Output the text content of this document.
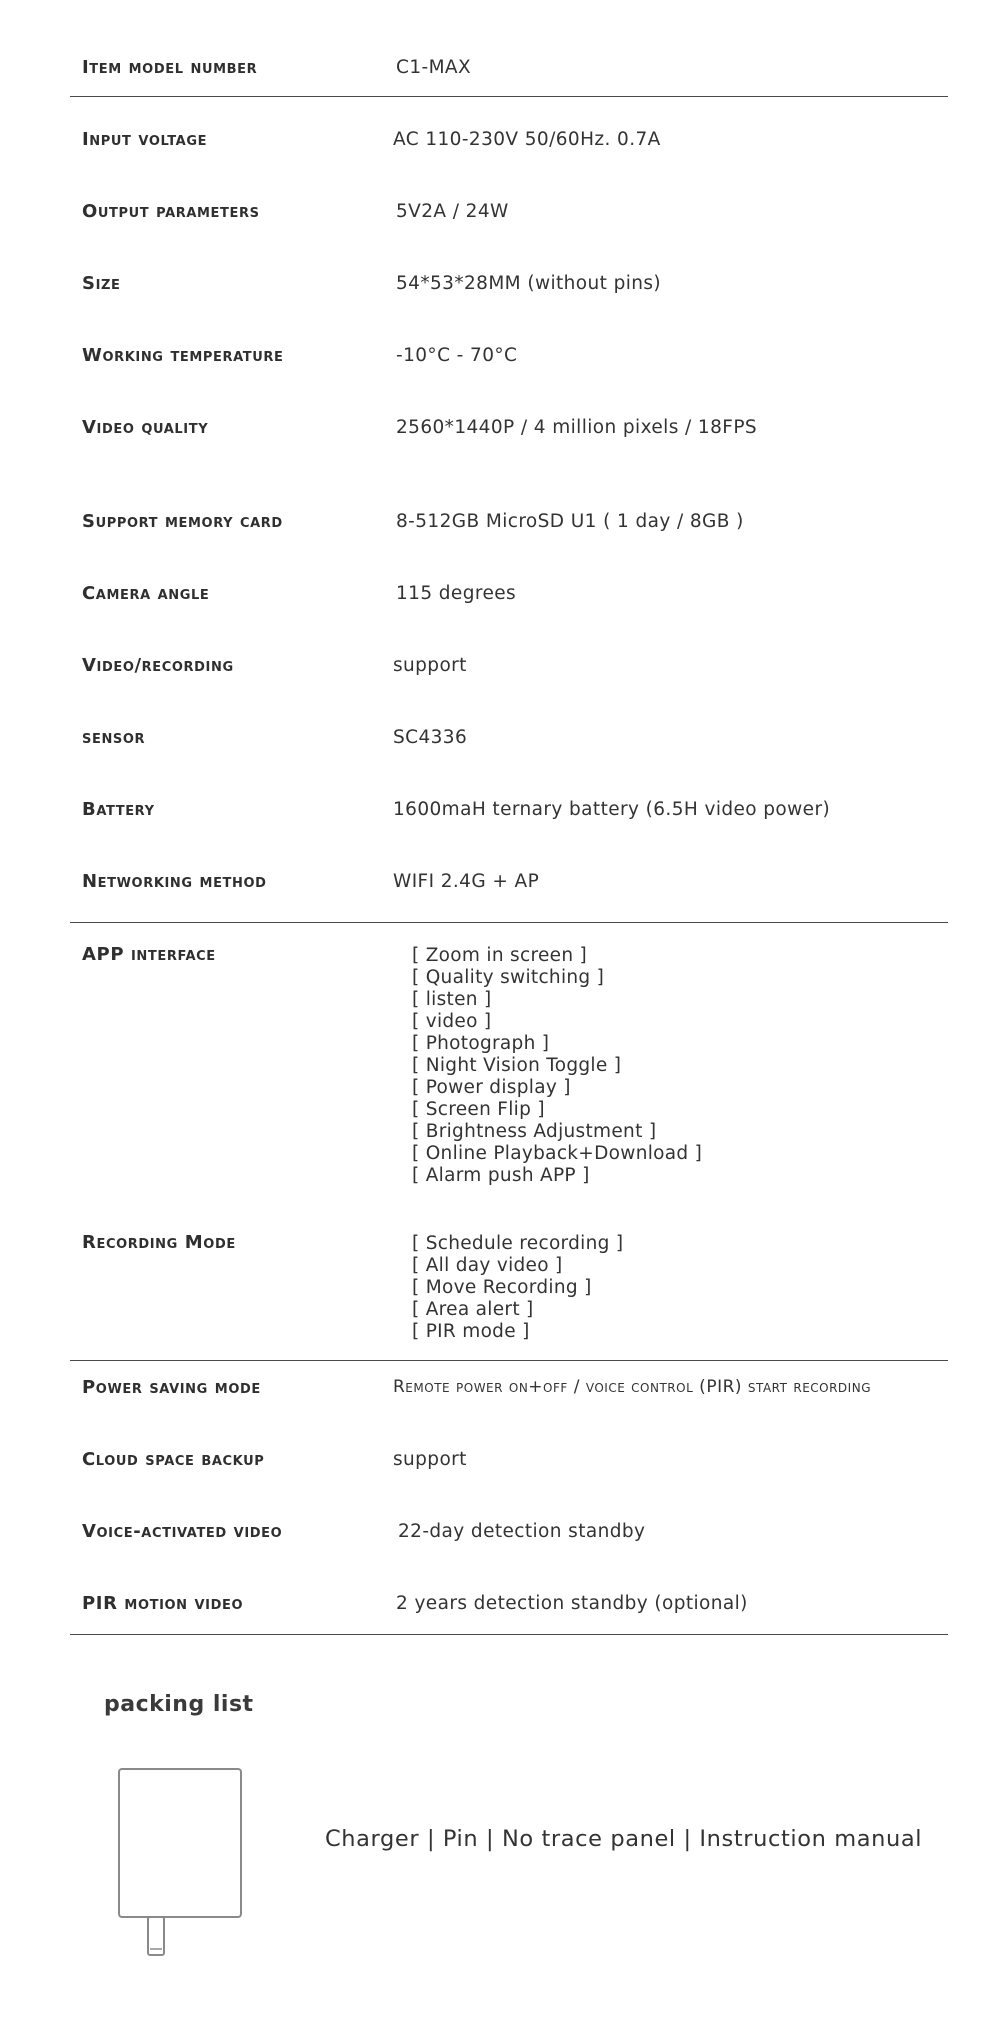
Item model number	C1-MAX
Input voltage	AC 110-230V 50/60Hz. 0.7A
Output parameters	5V2A / 24W
Size	54*53*28MM (without pins)
Working temperature	-10°C - 70°C
Video quality	2560*1440P / 4 million pixels / 18FPS
Support memory card	8-512GB MicroSD U1 ( 1 day / 8GB )
Camera angle	115 degrees
Video/recording	support
sensor	SC4336
Battery	1600maH ternary battery (6.5H video power)
Networking method	WIFI 2.4G + AP
APP interface	[ Zoom in screen ]
[ Quality switching ]
[ listen ]
[ video ]
[ Photograph ]
[ Night Vision Toggle ]
[ Power display ]
[ Screen Flip ]
[ Brightness Adjustment ]
[ Online Playback+Download ]
[ Alarm push APP ]
Recording Mode	[ Schedule recording ]
[ All day video ]
[ Move Recording ]
[ Area alert ]
[ PIR mode ]
Power saving mode	Remote power on+off / voice control (PIR) start recording
Cloud space backup	support
Voice-activated video	22-day detection standby
PIR motion video	2 years detection standby (optional)
packing list
Charger | Pin | No trace panel | Instruction manual
